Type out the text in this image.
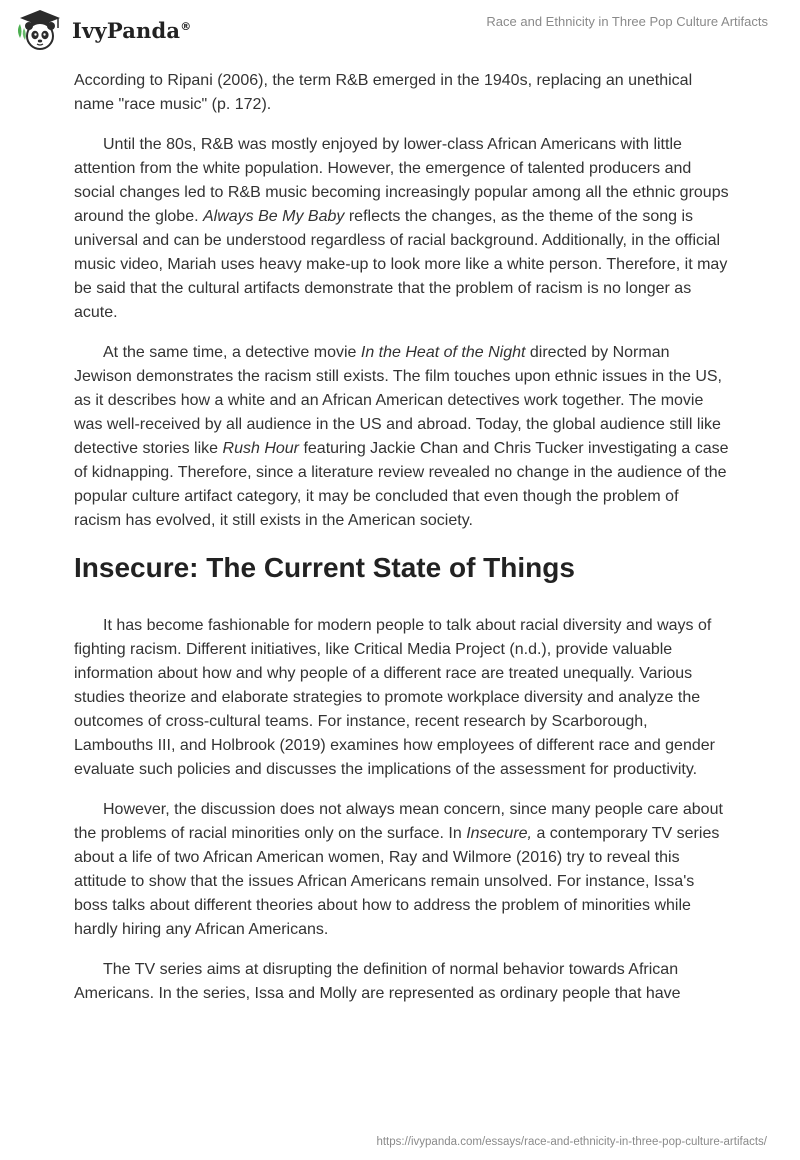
IvyPanda®	Race and Ethnicity in Three Pop Culture Artifacts

According to Ripani (2006), the term R&B emerged in the 1940s, replacing an unethical name "race music" (p. 172).

Until the 80s, R&B was mostly enjoyed by lower-class African Americans with little attention from the white population. However, the emergence of talented producers and social changes led to R&B music becoming increasingly popular among all the ethnic groups around the globe. Always Be My Baby reflects the changes, as the theme of the song is universal and can be understood regardless of racial background. Additionally, in the official music video, Mariah uses heavy make-up to look more like a white person. Therefore, it may be said that the cultural artifacts demonstrate that the problem of racism is no longer as acute.

At the same time, a detective movie In the Heat of the Night directed by Norman Jewison demonstrates the racism still exists. The film touches upon ethnic issues in the US, as it describes how a white and an African American detectives work together. The movie was well-received by all audience in the US and abroad. Today, the global audience still like detective stories like Rush Hour featuring Jackie Chan and Chris Tucker investigating a case of kidnapping. Therefore, since a literature review revealed no change in the audience of the popular culture artifact category, it may be concluded that even though the problem of racism has evolved, it still exists in the American society.

Insecure: The Current State of Things

It has become fashionable for modern people to talk about racial diversity and ways of fighting racism. Different initiatives, like Critical Media Project (n.d.), provide valuable information about how and why people of a different race are treated unequally. Various studies theorize and elaborate strategies to promote workplace diversity and analyze the outcomes of cross-cultural teams. For instance, recent research by Scarborough, Lambouths III, and Holbrook (2019) examines how employees of different race and gender evaluate such policies and discusses the implications of the assessment for productivity.

However, the discussion does not always mean concern, since many people care about the problems of racial minorities only on the surface. In Insecure, a contemporary TV series about a life of two African American women, Ray and Wilmore (2016) try to reveal this attitude to show that the issues African Americans remain unsolved. For instance, Issa's boss talks about different theories about how to address the problem of minorities while hardly hiring any African Americans.

The TV series aims at disrupting the definition of normal behavior towards African Americans. In the series, Issa and Molly are represented as ordinary people that have

https://ivypanda.com/essays/race-and-ethnicity-in-three-pop-culture-artifacts/
